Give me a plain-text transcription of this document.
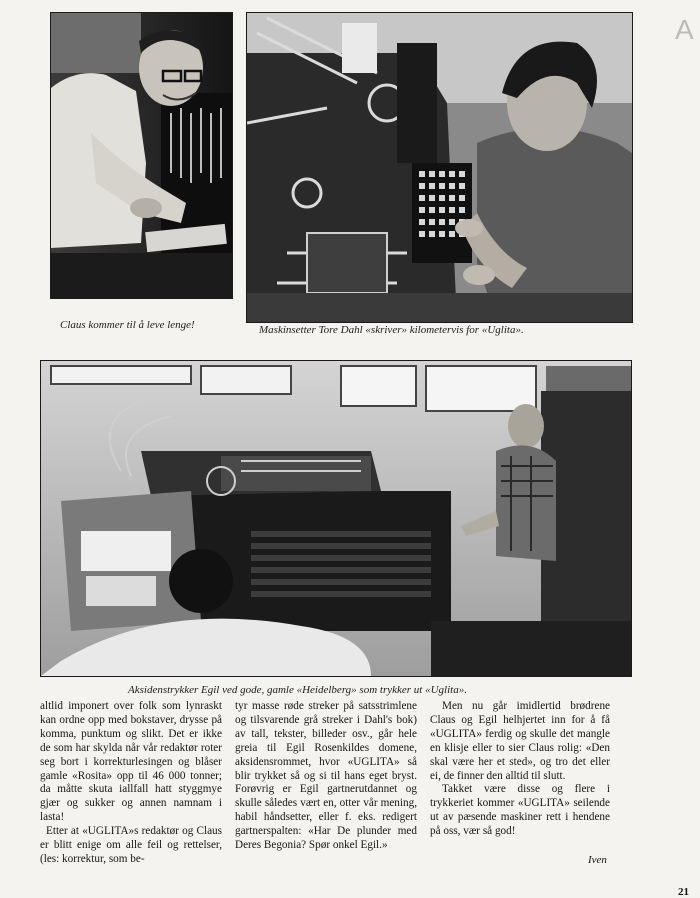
A
Claus kommer til å leve lenge!	Maskinsetter Tore Dahl «skriver» kilometervis for «Uglita».
Aksidenstrykker Egil ved gode, gamle «Heidelberg» som trykker ut «Uglita».

altlid imponert over folk som lynraskt kan ordne opp med bokstaver, drysse på komma, punktum og slikt. Det er ikke de som har skylda når vår redaktør roter seg bort i korrekturlesingen og blåser gamle «Rosita» opp til 46 000 tonner; da måtte skuta iallfall hatt styggmye gjær og sukker og annen namnam i lasta!

Etter at «UGLITA»s redaktør og Claus er blitt enige om alle feil og rettelser, (les: korrektur, som be-

tyr masse røde streker på satsstrimlene og tilsvarende grå streker i Dahl's bok) av tall, tekster, billeder osv., går hele greia til Egil Rosenkildes domene, aksidensrommet, hvor «UGLITA» så blir trykket så og si til hans eget bryst. Forøvrig er Egil gartnerutdannet og skulle således vært en, otter vår mening, habil håndsetter, eller f. eks. redigert gartnerspalten: «Har De plunder med Deres Begonia? Spør onkel Egil.»

Men nu går imidlertid brødrene Claus og Egil helhjertet inn for å få «UGLITA» ferdig og skulle det mangle en klisje eller to sier Claus rolig: «Den skal være her et sted», og tro det eller ei, de finner den alltid til slutt.

Takket være disse og flere i trykkeriet kommer «UGLITA» seilende ut av pæsende maskiner rett i hendene på oss, vær så god!

Iven
21
